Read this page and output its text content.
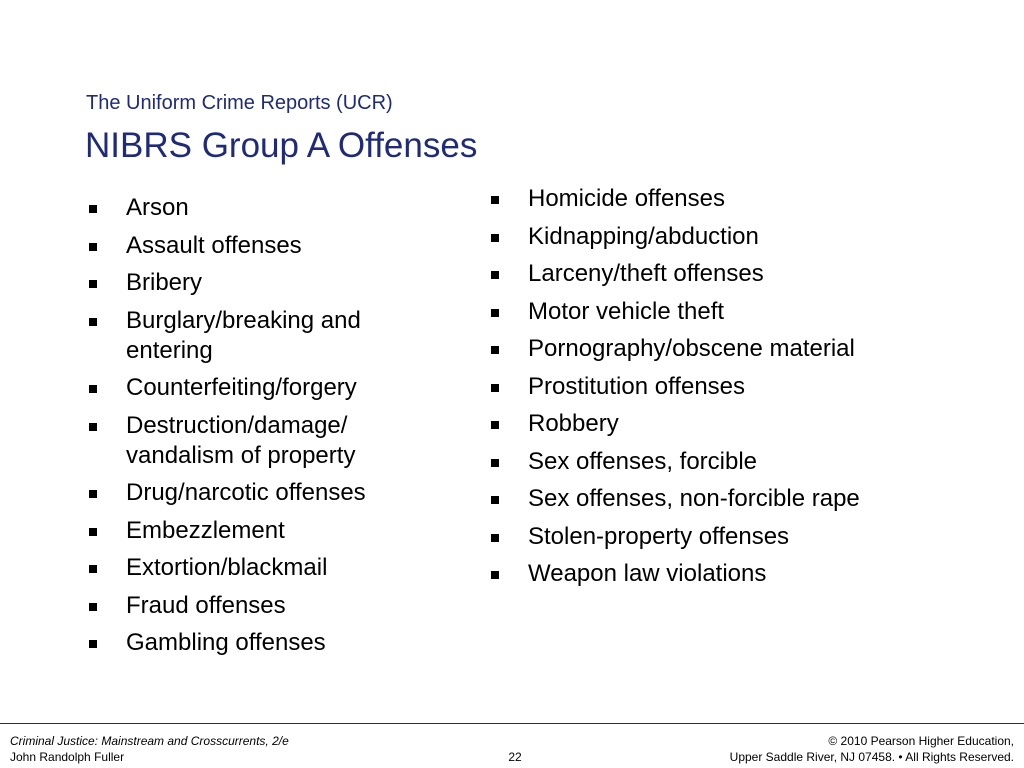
The Uniform Crime Reports (UCR)
NIBRS Group A Offenses
Arson
Assault offenses
Bribery
Burglary/breaking and entering
Counterfeiting/forgery
Destruction/damage/ vandalism of property
Drug/narcotic offenses
Embezzlement
Extortion/blackmail
Fraud offenses
Gambling offenses
Homicide offenses
Kidnapping/abduction
Larceny/theft offenses
Motor vehicle theft
Pornography/obscene material
Prostitution offenses
Robbery
Sex offenses, forcible
Sex offenses, non-forcible rape
Stolen-property offenses
Weapon law violations
Criminal Justice: Mainstream and Crosscurrents, 2/e
John Randolph Fuller	22
© 2010 Pearson Higher Education,
Upper Saddle River, NJ 07458. • All Rights Reserved.
